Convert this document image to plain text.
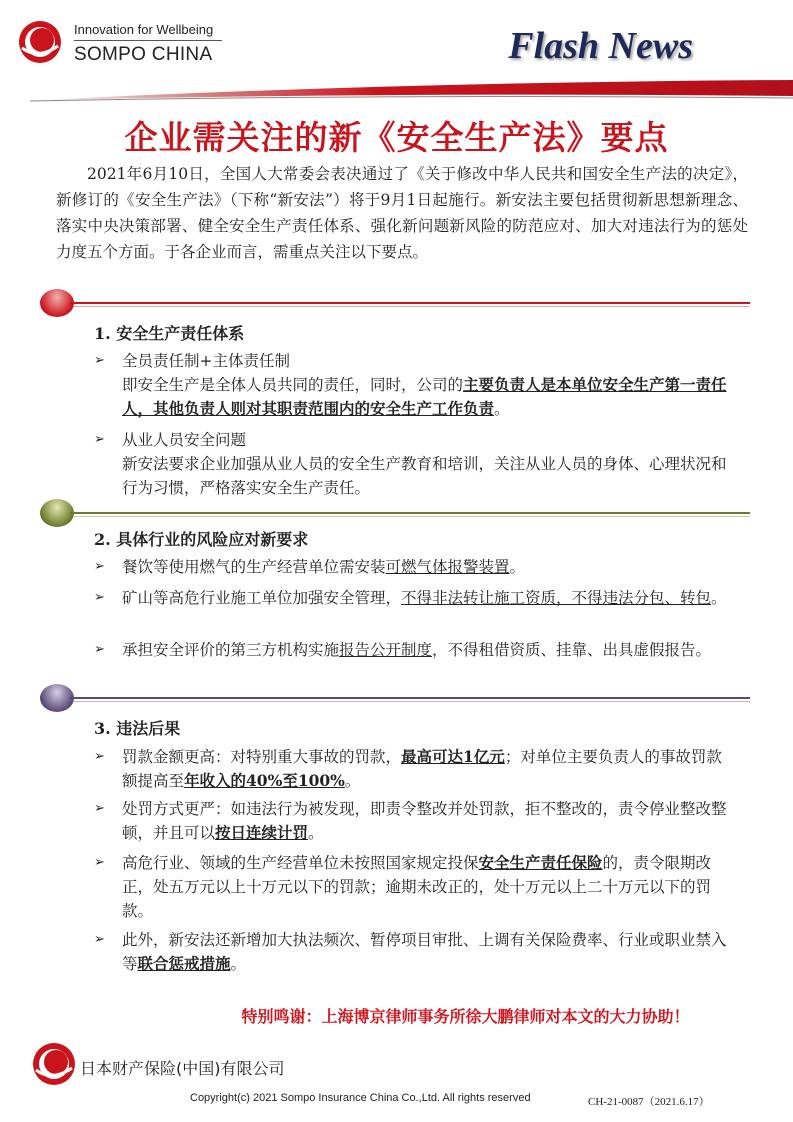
Innovation for Wellbeing
SOMPO CHINA	Flash News
企业需关注的新《安全生产法》要点
2021年6月10日，全国人大常委会表决通过了《关于修改中华人民共和国安全生产法的决定》，新修订的《安全生产法》（下称“新安法”）将于9月1日起施行。新安法主要包括贯彻新思想新理念、落实中央决策部署、健全安全生产责任体系、强化新问题新风险的防范应对、加大对违法行为的惩处力度五个方面。于各企业而言，需重点关注以下要点。
1. 安全生产责任体系
➢	全员责任制+主体责任制
即安全生产是全体人员共同的责任，同时，公司的主要负责人是本单位安全生产第一责任人，其他负责人则对其职责范围内的安全生产工作负责。
➢	从业人员安全问题
新安法要求企业加强从业人员的安全生产教育和培训，关注从业人员的身体、心理状况和行为习惯，严格落实安全生产责任。
2. 具体行业的风险应对新要求
➢	餐饮等使用燃气的生产经营单位需安装可燃气体报警装置。
➢	矿山等高危行业施工单位加强安全管理，不得非法转让施工资质，不得违法分包、转包。
➢	承担安全评价的第三方机构实施报告公开制度，不得租借资质、挂靠、出具虚假报告。
3. 违法后果
➢	罚款金额更高：对特别重大事故的罚款，最高可达1亿元；对单位主要负责人的事故罚款额提高至年收入的40%至100%。
➢	处罚方式更严：如违法行为被发现，即责令整改并处罚款，拒不整改的，责令停业整改整顿，并且可以按日连续计罚。
➢	高危行业、领域的生产经营单位未按照国家规定投保安全生产责任保险的，责令限期改正，处五万元以上十万元以下的罚款；逾期未改正的，处十万元以上二十万元以下的罚款。
➢	此外，新安法还新增加大执法频次、暂停项目审批、上调有关保险费率、行业或职业禁入等联合惩戒措施。
特别鸣谢：上海博京律师事务所徐大鹏律师对本文的大力协助！
日本财产保险(中国)有限公司
Copyright(c) 2021 Sompo Insurance China Co.,Ltd. All rights reserved	CH-21-0087（2021.6.17）
